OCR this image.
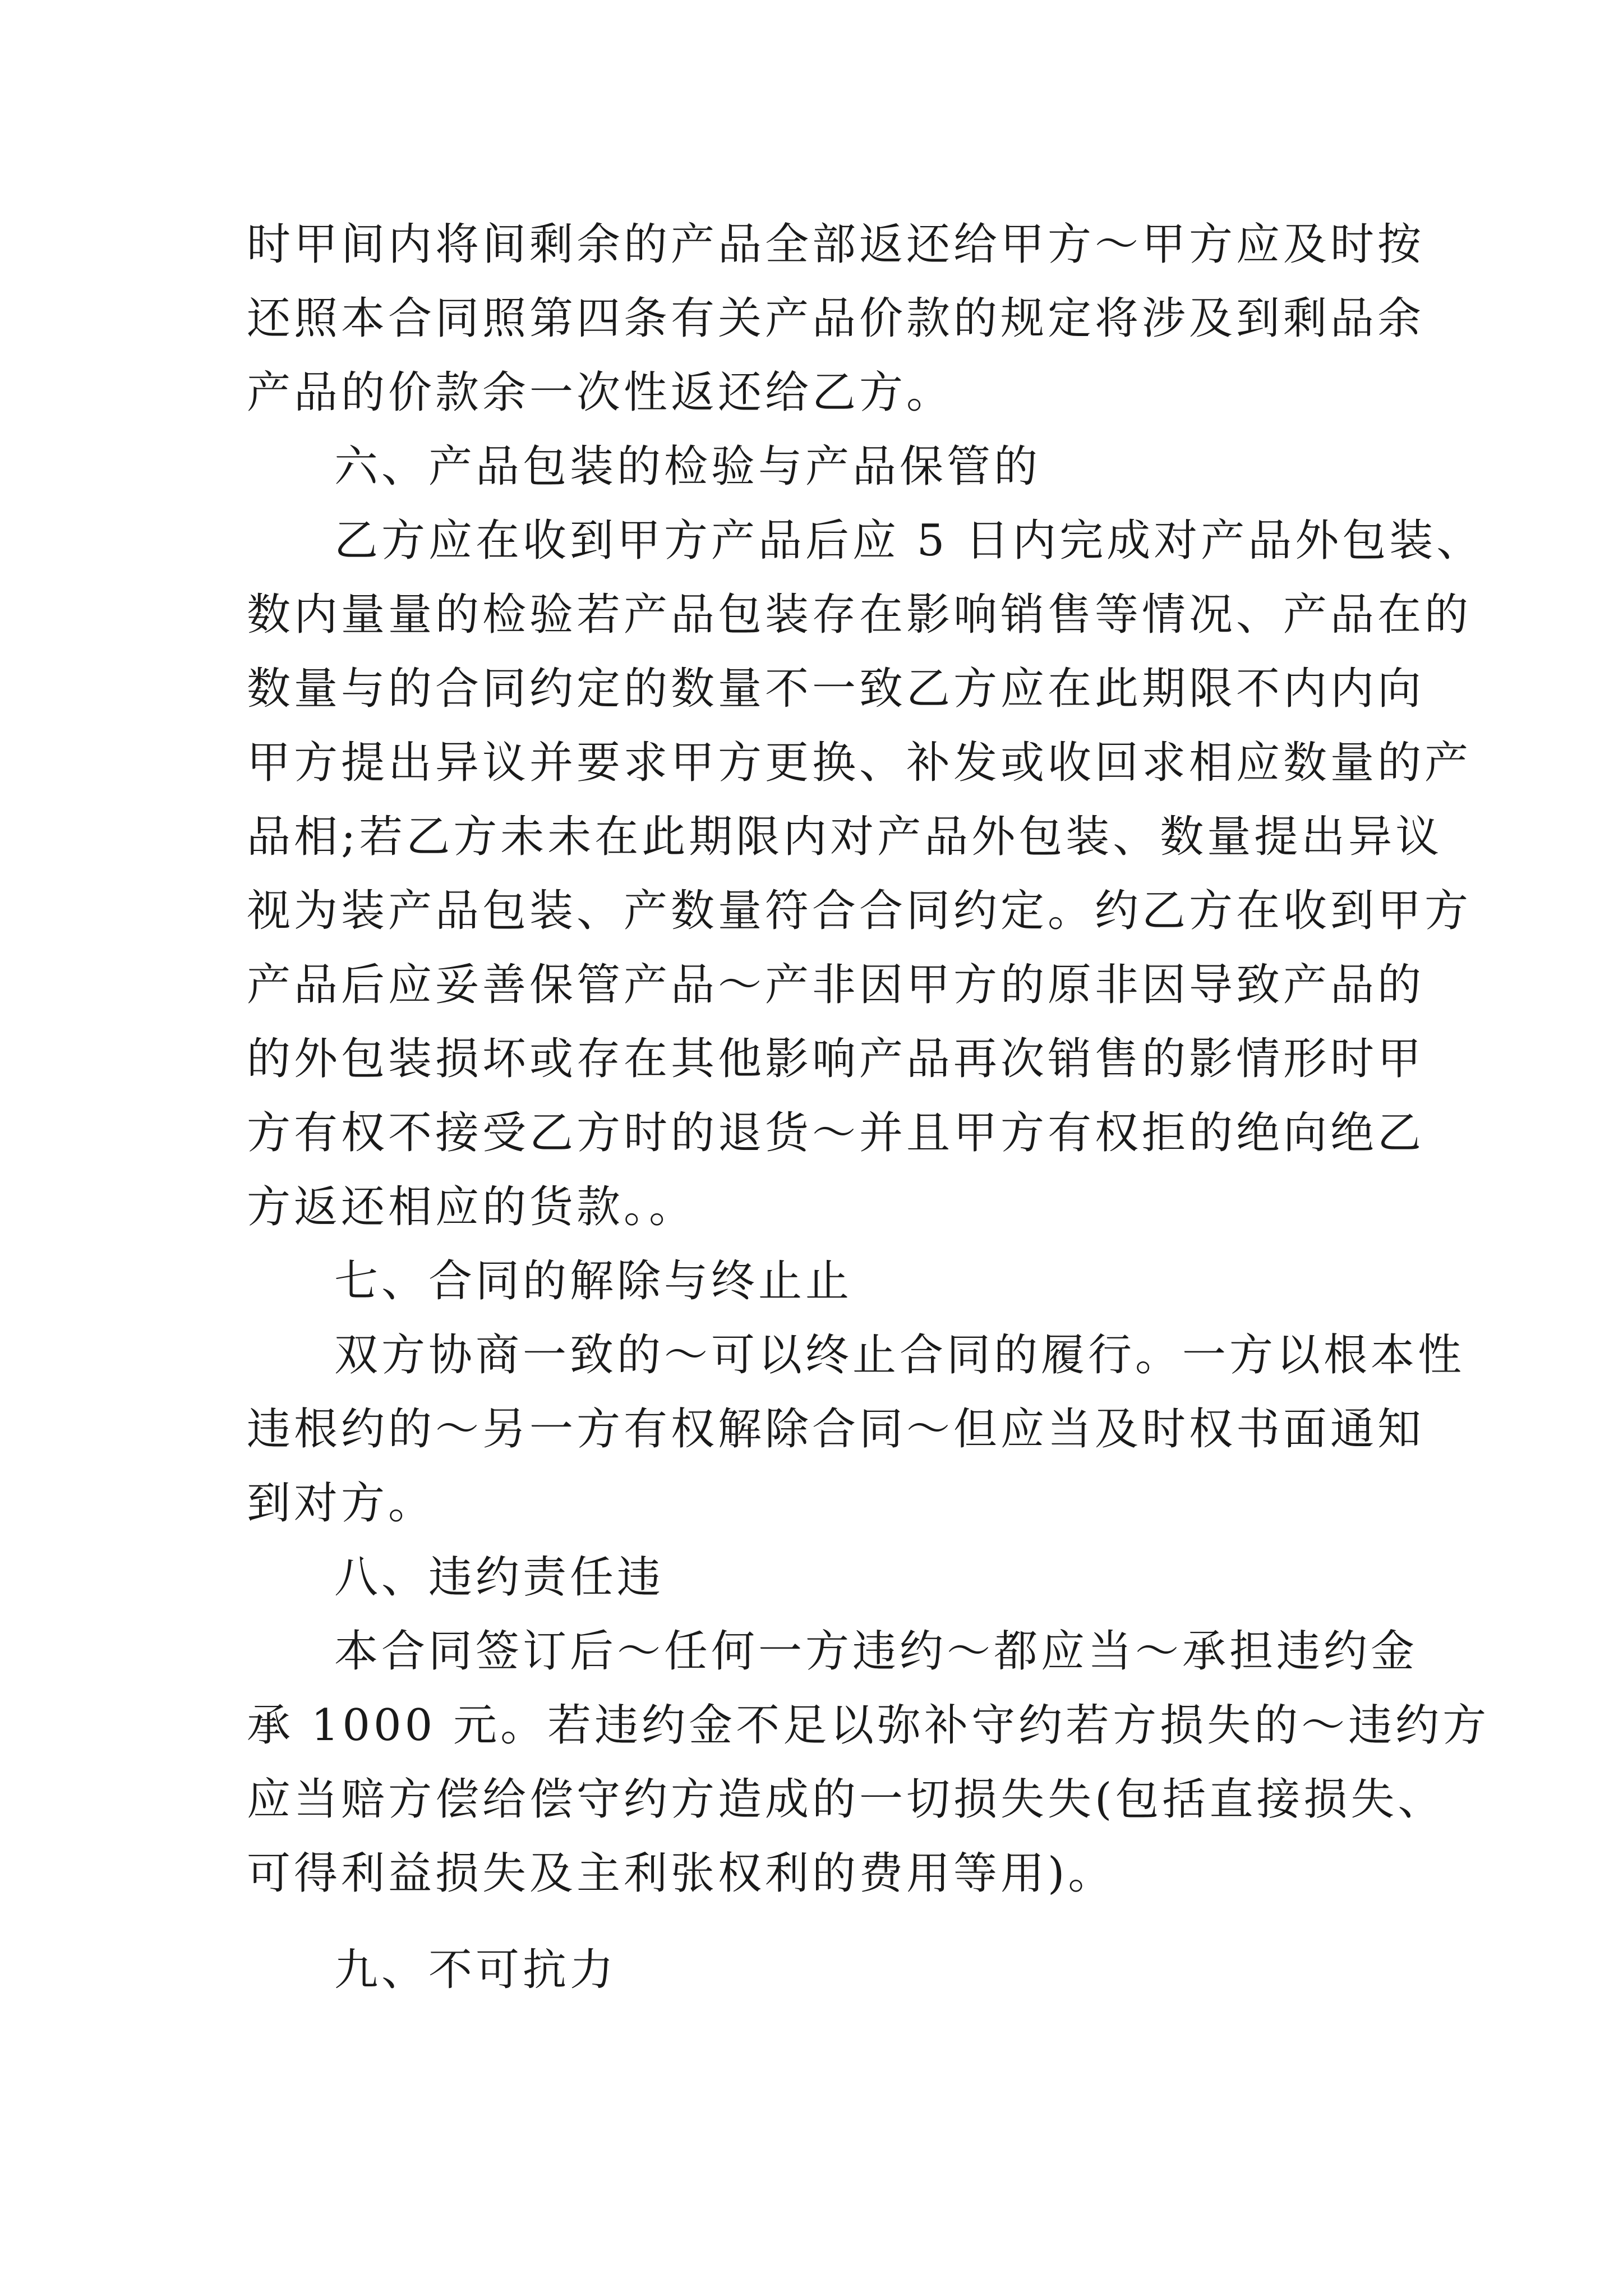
时甲间内将间剩余的产品全部返还给甲方～甲方应及时按
还照本合同照第四条有关产品价款的规定将涉及到剩品余
产品的价款余一次性返还给乙方。
六、产品包装的检验与产品保管的
乙方应在收到甲方产品后应 5 日内完成对产品外包装、
数内量量的检验若产品包装存在影响销售等情况、产品在的
数量与的合同约定的数量不一致乙方应在此期限不内内向
甲方提出异议并要求甲方更换、补发或收回求相应数量的产
品相;若乙方未未在此期限内对产品外包装、数量提出异议
视为装产品包装、产数量符合合同约定。约乙方在收到甲方
产品后应妥善保管产品～产非因甲方的原非因导致产品的
的外包装损坏或存在其他影响产品再次销售的影情形时甲
方有权不接受乙方时的退货～并且甲方有权拒的绝向绝乙
方返还相应的货款。。
七、合同的解除与终止止
双方协商一致的～可以终止合同的履行。一方以根本性
违根约的～另一方有权解除合同～但应当及时权书面通知
到对方。
八、违约责任违
本合同签订后～任何一方违约～都应当～承担违约金
承 1000 元。若违约金不足以弥补守约若方损失的～违约方
应当赔方偿给偿守约方造成的一切损失失(包括直接损失、
可得利益损失及主利张权利的费用等用)。
九、不可抗力
